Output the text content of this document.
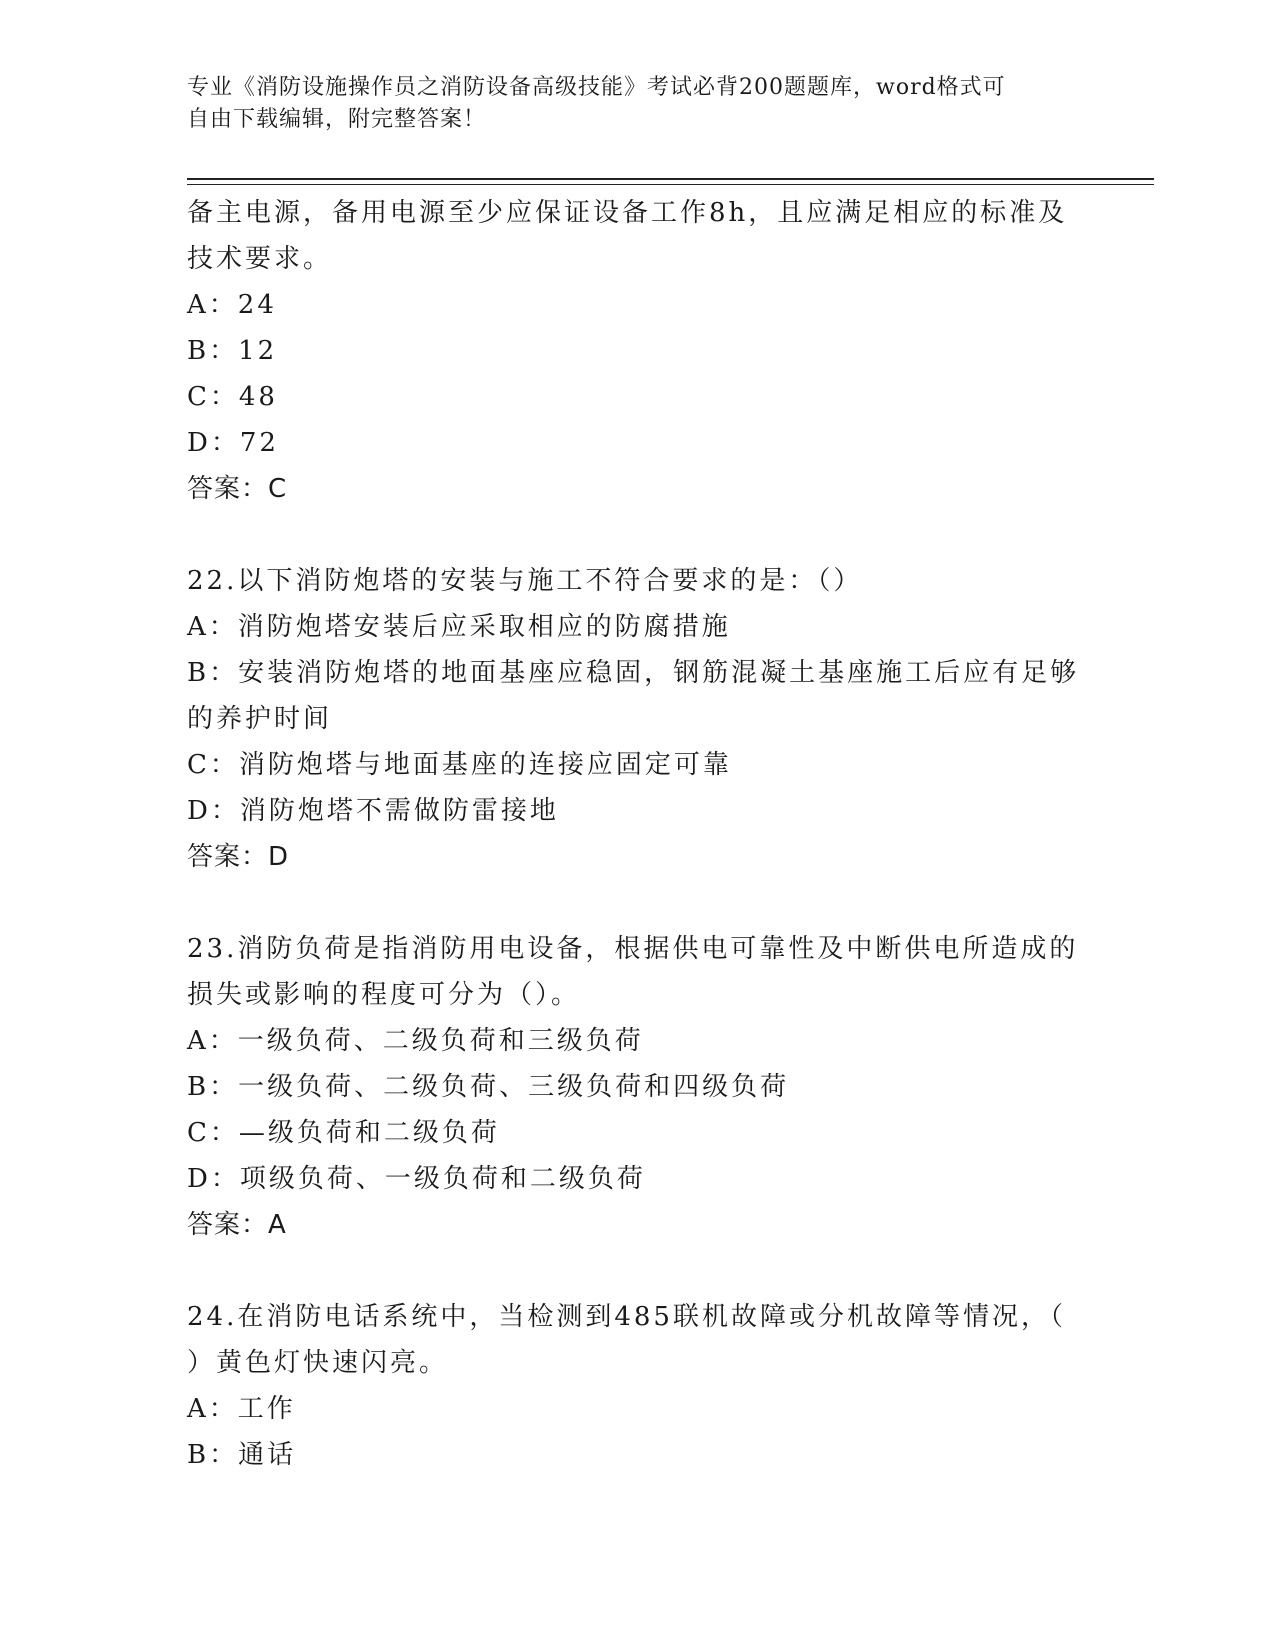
专业《消防设施操作员之消防设备高级技能》考试必背200题题库，word格式可
自由下载编辑，附完整答案！
备主电源，备用电源至少应保证设备工作8h，且应满足相应的标准及
技术要求。
A：24
B：12
C：48
D：72
答案：C
22.以下消防炮塔的安装与施工不符合要求的是：（）
A：消防炮塔安装后应采取相应的防腐措施
B：安装消防炮塔的地面基座应稳固，钢筋混凝土基座施工后应有足够
的养护时间
C：消防炮塔与地面基座的连接应固定可靠
D：消防炮塔不需做防雷接地
答案：D
23.消防负荷是指消防用电设备，根据供电可靠性及中断供电所造成的
损失或影响的程度可分为（）。
A：一级负荷、二级负荷和三级负荷
B：一级负荷、二级负荷、三级负荷和四级负荷
C：—级负荷和二级负荷
D：项级负荷、一级负荷和二级负荷
答案：A
24.在消防电话系统中，当检测到485联机故障或分机故障等情况，（
）黄色灯快速闪亮。
A：工作
B：通话
